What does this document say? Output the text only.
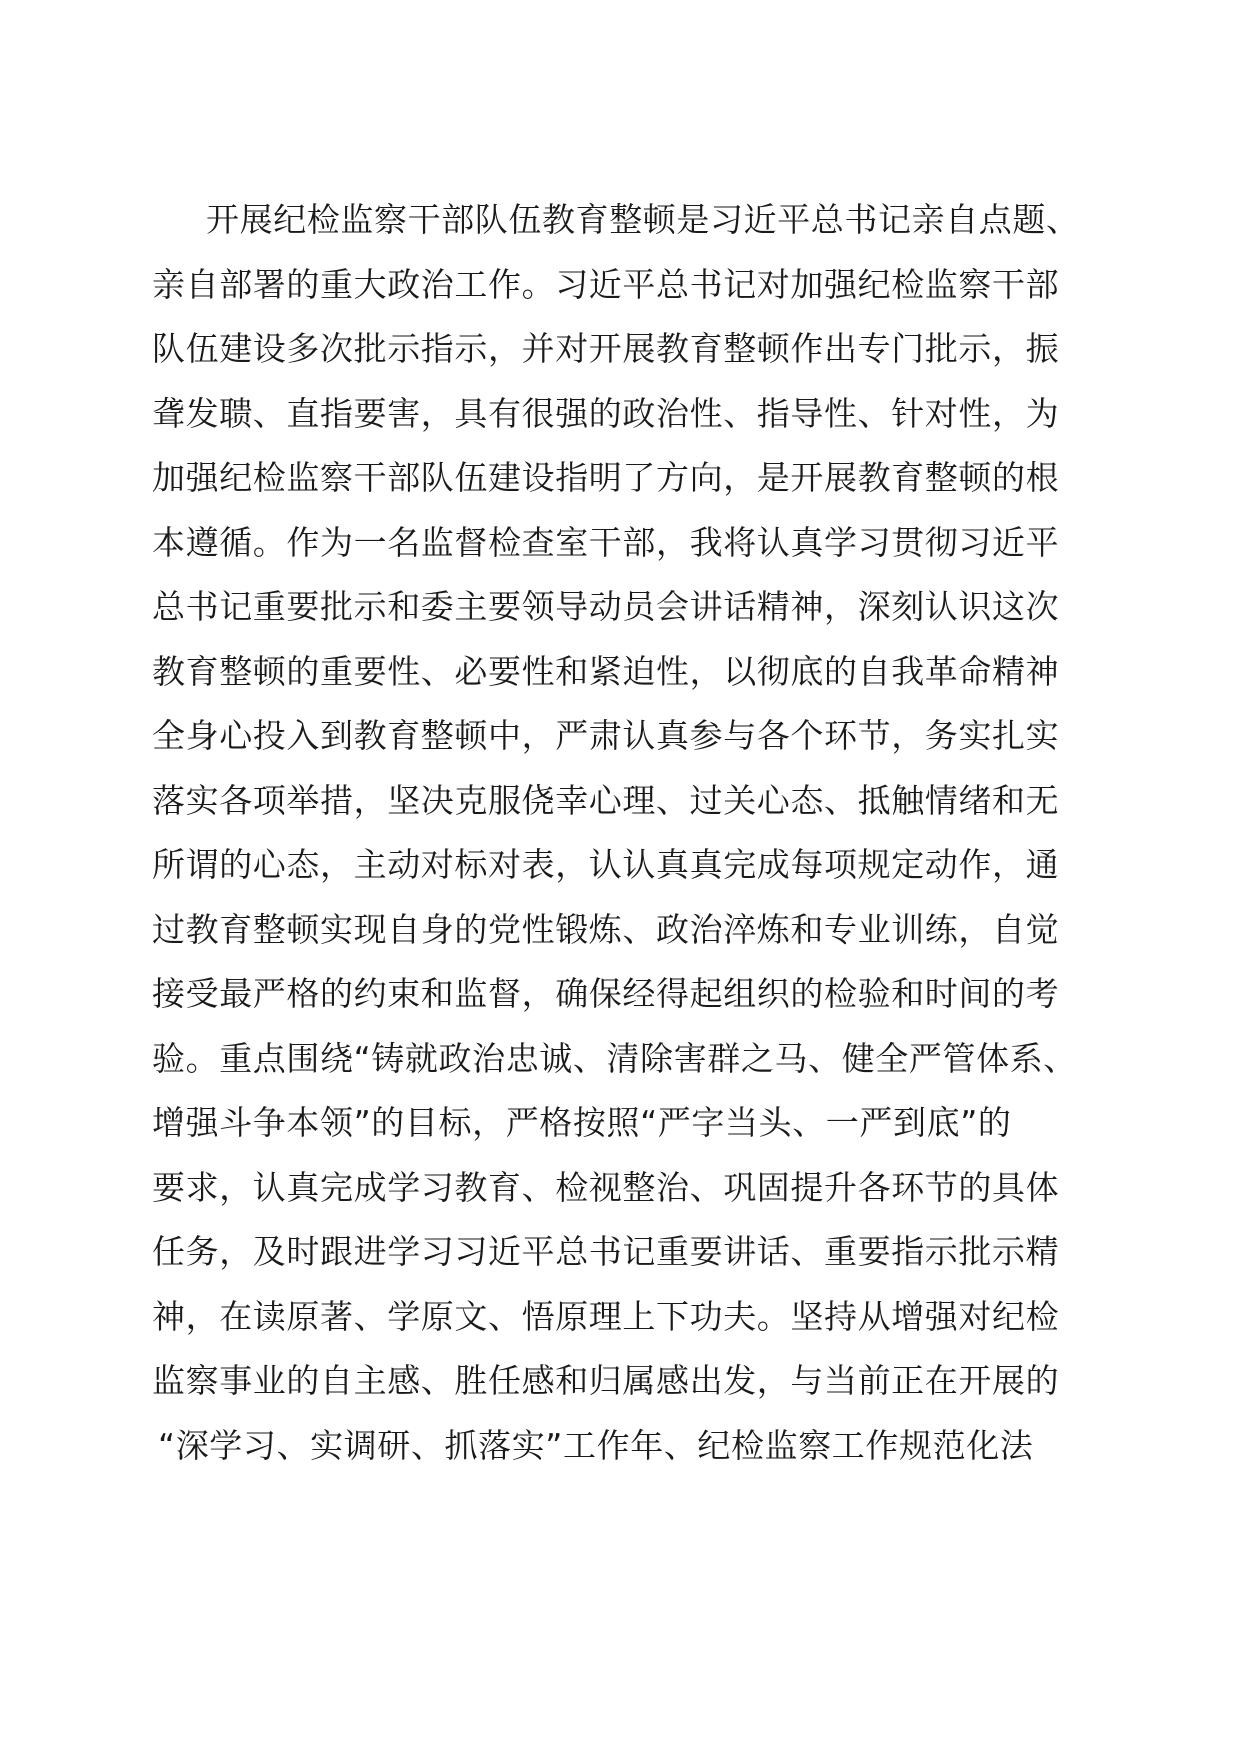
开展纪检监察干部队伍教育整顿是习近平总书记亲自点题、
亲自部署的重大政治工作。习近平总书记对加强纪检监察干部
队伍建设多次批示指示，并对开展教育整顿作出专门批示，振
聋发聩、直指要害，具有很强的政治性、指导性、针对性，为
加强纪检监察干部队伍建设指明了方向，是开展教育整顿的根
本遵循。作为一名监督检查室干部，我将认真学习贯彻习近平
总书记重要批示和委主要领导动员会讲话精神，深刻认识这次
教育整顿的重要性、必要性和紧迫性，以彻底的自我革命精神
全身心投入到教育整顿中，严肃认真参与各个环节，务实扎实
落实各项举措，坚决克服侥幸心理、过关心态、抵触情绪和无
所谓的心态，主动对标对表，认认真真完成每项规定动作，通
过教育整顿实现自身的党性锻炼、政治淬炼和专业训练，自觉
接受最严格的约束和监督，确保经得起组织的检验和时间的考
验。重点围绕“铸就政治忠诚、清除害群之马、健全严管体系、
增强斗争本领”的目标，严格按照“严字当头、一严到底”的
要求，认真完成学习教育、检视整治、巩固提升各环节的具体
任务，及时跟进学习习近平总书记重要讲话、重要指示批示精
神，在读原著、学原文、悟原理上下功夫。坚持从增强对纪检
监察事业的自主感、胜任感和归属感出发，与当前正在开展的
“深学习、实调研、抓落实”工作年、纪检监察工作规范化法
